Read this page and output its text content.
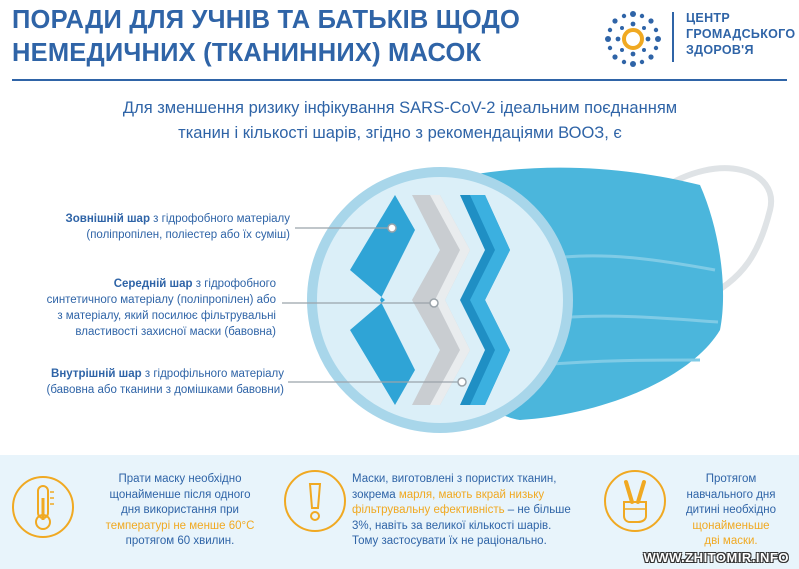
ПОРАДИ ДЛЯ УЧНІВ ТА БАТЬКІВ ЩОДО
НЕМЕДИЧНИХ (ТКАНИННИХ) МАСОК
ЦЕНТР
ГРОМАДСЬКОГО
ЗДОРОВ'Я
Для зменшення ризику інфікування SARS-CoV-2 ідеальним поєднанням
тканин і кількості шарів, згідно з рекомендаціями ВООЗ, є
Зовнішній шар з гідрофобного матеріалу
(поліпропілен, поліестер або їх суміш)
Середній шар з гідрофобного
синтетичного матеріалу (поліпропілен) або
з матеріалу, який посилює фільтрувальні
властивості захисної маски (бавовна)
Внутрішній шар з гідрофільного матеріалу
(бавовна або тканини з домішками бавовни)
Прати маску необхідно
щонайменше після одного
дня використання при
температурі не менше 60°С
протягом 60 хвилин.
Маски, виготовлені з пористих тканин,
зокрема марля, мають вкрай низьку
фільтрувальну ефективність – не більше
3%, навіть за великої кількості шарів.
Тому застосувати їх не раціонально.
Протягом
навчального дня
дитині необхідно
щонайменьше
дві маски.
WWW.ZHITOMIR.INFO
